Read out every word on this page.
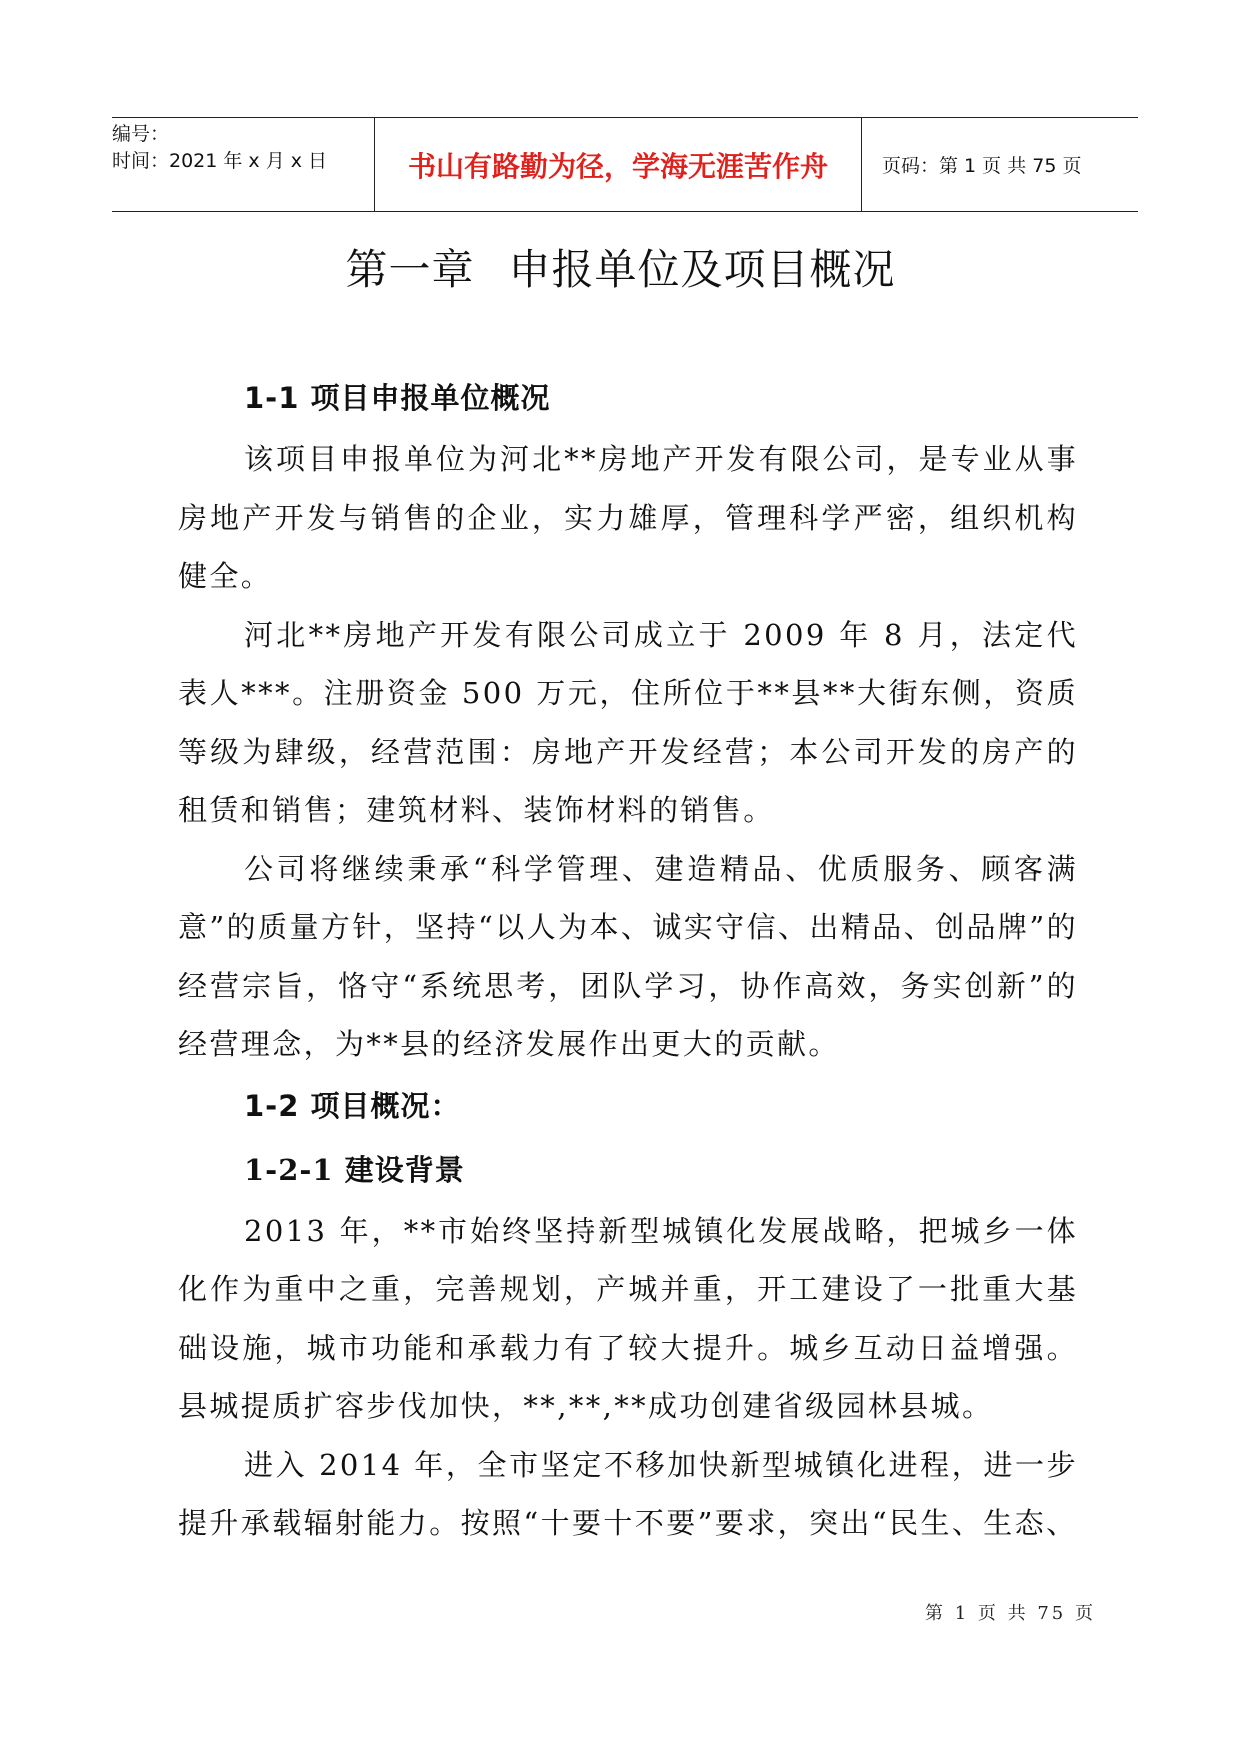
编号：
时间：2021 年 x 月 x 日	书山有路勤为径，学海无涯苦作舟	页码：第 1 页 共 75 页
第一章 申报单位及项目概况
1-1 项目申报单位概况

该项目申报单位为河北**房地产开发有限公司，是专业从事房地产开发与销售的企业，实力雄厚，管理科学严密，组织机构健全。

河北**房地产开发有限公司成立于 2009 年 8 月，法定代表人***。注册资金 500 万元，住所位于**县**大街东侧，资质等级为肆级，经营范围：房地产开发经营；本公司开发的房产的租赁和销售；建筑材料、装饰材料的销售。

公司将继续秉承“科学管理、建造精品、优质服务、顾客满意”的质量方针，坚持“以人为本、诚实守信、出精品、创品牌”的经营宗旨，恪守“系统思考，团队学习，协作高效，务实创新”的经营理念，为**县的经济发展作出更大的贡献。

1-2 项目概况：
1-2-1 建设背景

2013 年，**市始终坚持新型城镇化发展战略，把城乡一体化作为重中之重，完善规划，产城并重，开工建设了一批重大基础设施，城市功能和承载力有了较大提升。城乡互动日益增强。县城提质扩容步伐加快，**,**,**成功创建省级园林县城。

进入 2014 年，全市坚定不移加快新型城镇化进程，进一步提升承载辐射能力。按照“十要十不要”要求，突出“民生、生态、

第 1 页 共 75 页
